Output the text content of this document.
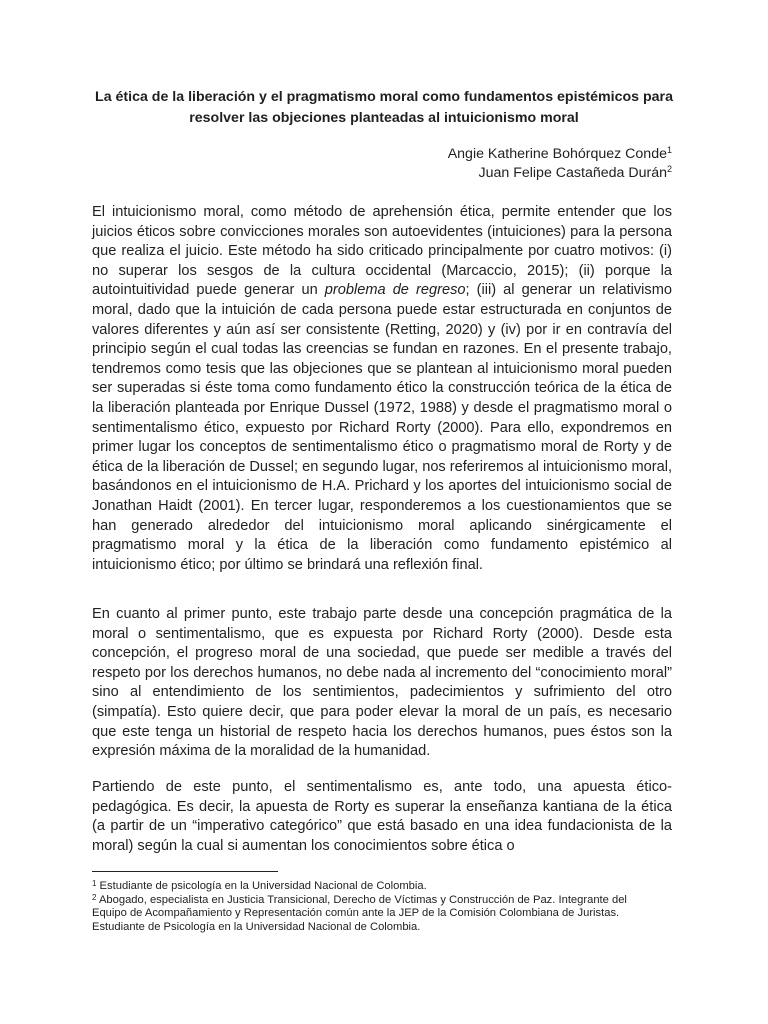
La ética de la liberación y el pragmatismo moral como fundamentos epistémicos para resolver las objeciones planteadas al intuicionismo moral
Angie Katherine Bohórquez Conde$^1$
Juan Felipe Castañeda Durán$^2$
El intuicionismo moral, como método de aprehensión ética, permite entender que los juicios éticos sobre convicciones morales son autoevidentes (intuiciones) para la persona que realiza el juicio. Este método ha sido criticado principalmente por cuatro motivos: (i) no superar los sesgos de la cultura occidental (Marcaccio, 2015); (ii) porque la autointuitividad puede generar un problema de regreso; (iii) al generar un relativismo moral, dado que la intuición de cada persona puede estar estructurada en conjuntos de valores diferentes y aún así ser consistente (Retting, 2020) y (iv) por ir en contravía del principio según el cual todas las creencias se fundan en razones. En el presente trabajo, tendremos como tesis que las objeciones que se plantean al intuicionismo moral pueden ser superadas si éste toma como fundamento ético la construcción teórica de la ética de la liberación planteada por Enrique Dussel (1972, 1988) y desde el pragmatismo moral o sentimentalismo ético, expuesto por Richard Rorty (2000). Para ello, expondremos en primer lugar los conceptos de sentimentalismo ético o pragmatismo moral de Rorty y de ética de la liberación de Dussel; en segundo lugar, nos referiremos al intuicionismo moral, basándonos en el intuicionismo de H.A. Prichard y los aportes del intuicionismo social de Jonathan Haidt (2001). En tercer lugar, responderemos a los cuestionamientos que se han generado alrededor del intuicionismo moral aplicando sinérgicamente el pragmatismo moral y la ética de la liberación como fundamento epistémico al intuicionismo ético; por último se brindará una reflexión final.
En cuanto al primer punto, este trabajo parte desde una concepción pragmática de la moral o sentimentalismo, que es expuesta por Richard Rorty (2000). Desde esta concepción, el progreso moral de una sociedad, que puede ser medible a través del respeto por los derechos humanos, no debe nada al incremento del “conocimiento moral” sino al entendimiento de los sentimientos, padecimientos y sufrimiento del otro (simpatía). Esto quiere decir, que para poder elevar la moral de un país, es necesario que este tenga un historial de respeto hacia los derechos humanos, pues éstos son la expresión máxima de la moralidad de la humanidad.
Partiendo de este punto, el sentimentalismo es, ante todo, una apuesta ético-pedagógica. Es decir, la apuesta de Rorty es superar la enseñanza kantiana de la ética (a partir de un “imperativo categórico” que está basado en una idea fundacionista de la moral) según la cual si aumentan los conocimientos sobre ética o
$^1$ Estudiante de psicología en la Universidad Nacional de Colombia.
$^2$ Abogado, especialista en Justicia Transicional, Derecho de Víctimas y Construcción de Paz. Integrante del Equipo de Acompañamiento y Representación común ante la JEP de la Comisión Colombiana de Juristas. Estudiante de Psicología en la Universidad Nacional de Colombia.
